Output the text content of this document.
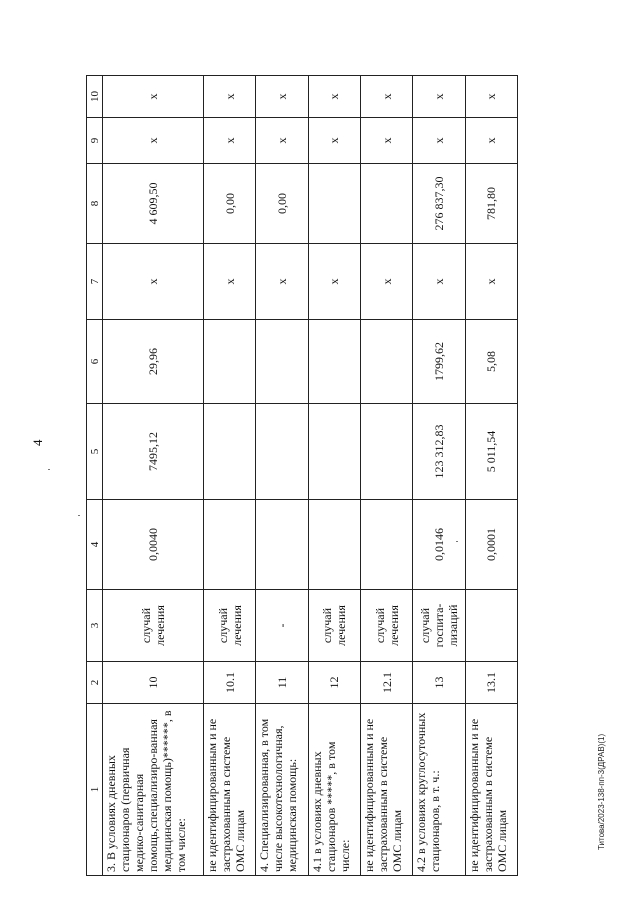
4
1	2	3	4	5	6	7	8	9	10
3. В условиях дневных стационаров (первичная медико-санитарная помощь,специализиро-ванная медицинская помощь)******, в том числе:	10	случай лечения	0,0040	7495,12	29,96	x	4 609,50	x	x
не идентифицированным и не застрахованным в системе ОМС лицам	10.1	случай лечения				x	0,00	x	x
4. Специализированная, в том числе высокотехнологичная, медицинская помощь:	11	-				x	0,00	x	x
4.1 в условиях дневных стационаров *****, в том числе:	12	случай лечения				x		x	x
не идентифицированным и не застрахованным в системе ОМС лицам	12.1	случай лечения				x		x	x
4.2 в условиях круглосуточных стационаров, в т. ч.:	13	случай госпита-лизаций	0,0146	123 312,83	1799,62	x	276 837,30	x	x
не идентифицированным и не застрахованным в системе ОМС лицам	13.1		0,0001	5 011,54	5,08	x	781,80	x	x
Титова/2023-138-пп-3(ДРАВ)(1)
